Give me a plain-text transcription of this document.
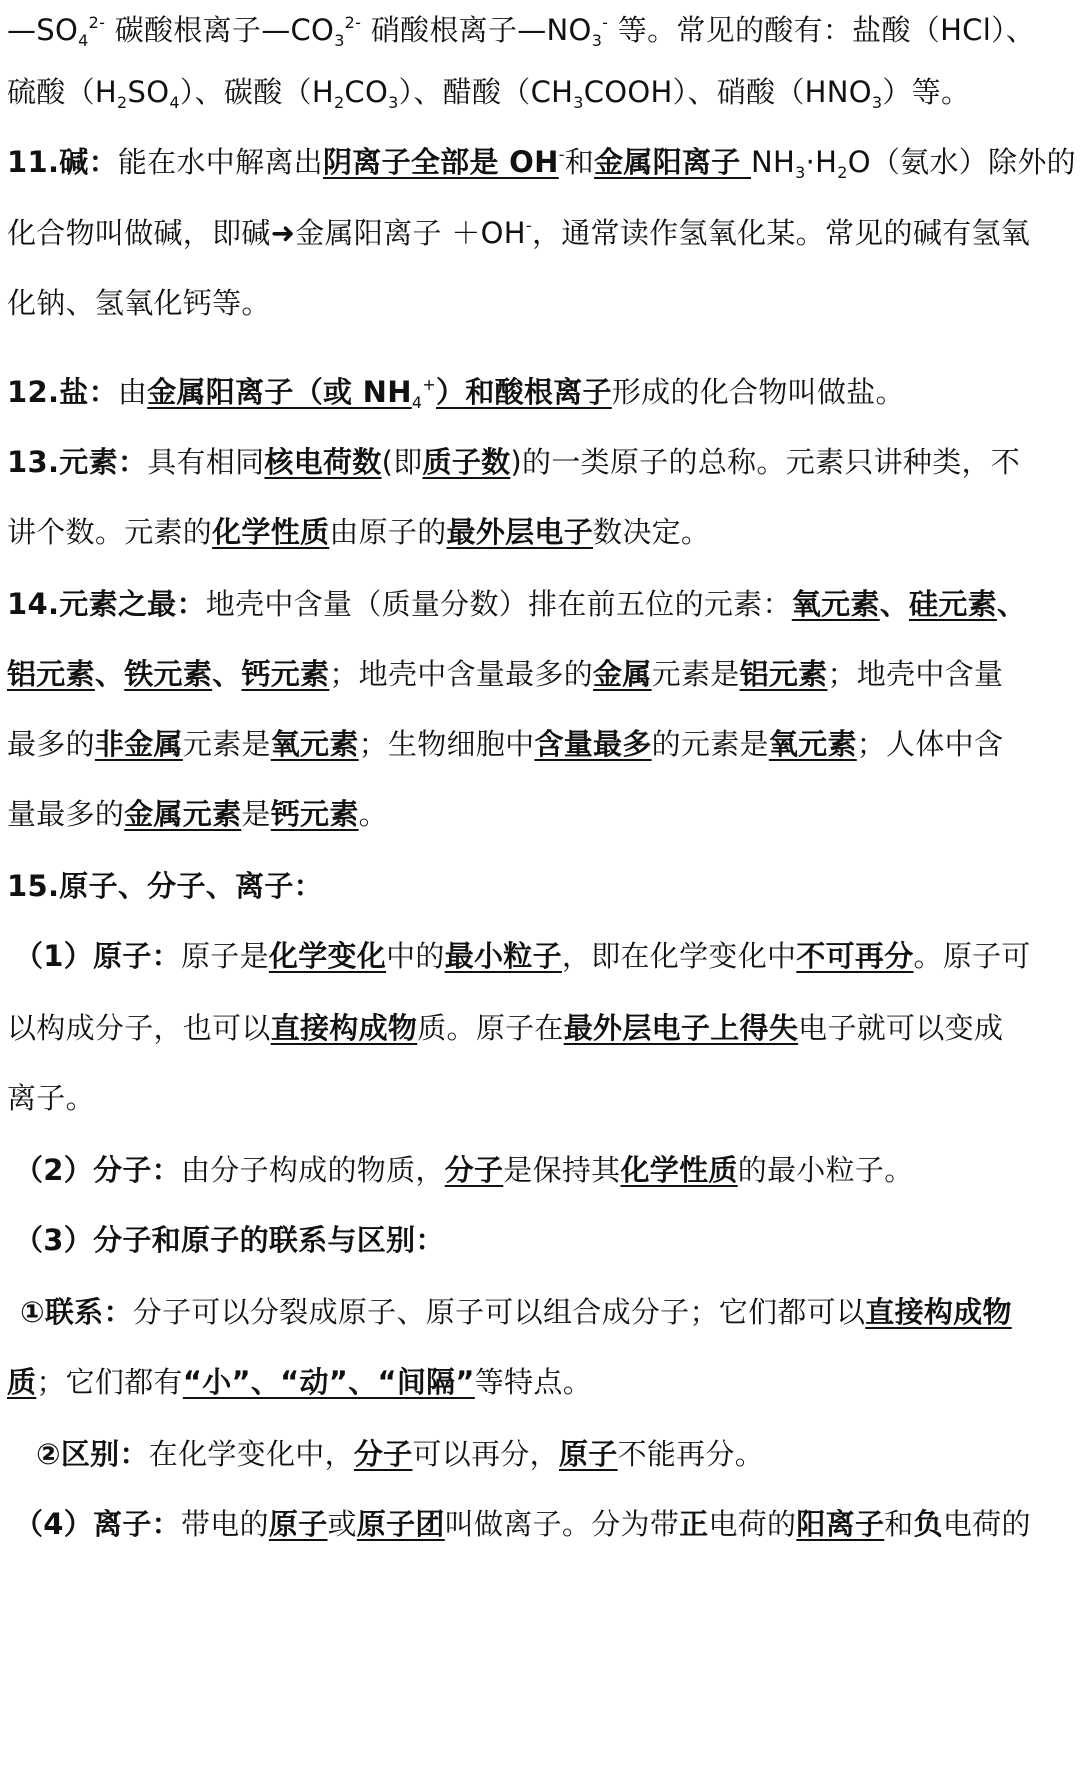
$—SO_4^{2-}$ 碳酸根离子$—CO_3^{2-}$ 硝酸根离子$—NO_3^-$ 等。常见的酸有：盐酸（HCl）、
硫酸$(H_2SO_4)$、碳酸$(H_2CO_3)$、醋酸$(CH_3COOH)$、硝酸$(HNO_3)$等。
11.碱：能在水中解离出阴离子全部是 OH-和金属阳离子 $NH_3\cdot H_2O$（氨水）除外的
化合物叫做碱，即碱➜金属阳离子 ＋OH-，通常读作氢氧化某。常见的碱有氢氧
化钠、氢氧化钙等。
12.盐：由金属阳离子（或 $NH_4^+$）和酸根离子形成的化合物叫做盐。
13.元素：具有相同核电荷数(即质子数)的一类原子的总称。元素只讲种类，不
讲个数。元素的化学性质由原子的最外层电子数决定。
14.元素之最：地壳中含量（质量分数）排在前五位的元素：氧元素、硅元素、
铝元素、铁元素、钙元素；地壳中含量最多的金属元素是铝元素；地壳中含量
最多的非金属元素是氧元素；生物细胞中含量最多的元素是氧元素；人体中含
量最多的金属元素是钙元素。
15.原子、分子、离子：
（1）原子：原子是化学变化中的最小粒子，即在化学变化中不可再分。原子可
以构成分子，也可以直接构成物质。原子在最外层电子上得失电子就可以变成
离子。
（2）分子：由分子构成的物质，分子是保持其化学性质的最小粒子。
（3）分子和原子的联系与区别：
①联系：分子可以分裂成原子、原子可以组合成分子；它们都可以直接构成物
质；它们都有“小”、“动”、“间隔”等特点。
②区别：在化学变化中，分子可以再分，原子不能再分。
（4）离子：带电的原子或原子团叫做离子。分为带正电荷的阳离子和负电荷的
